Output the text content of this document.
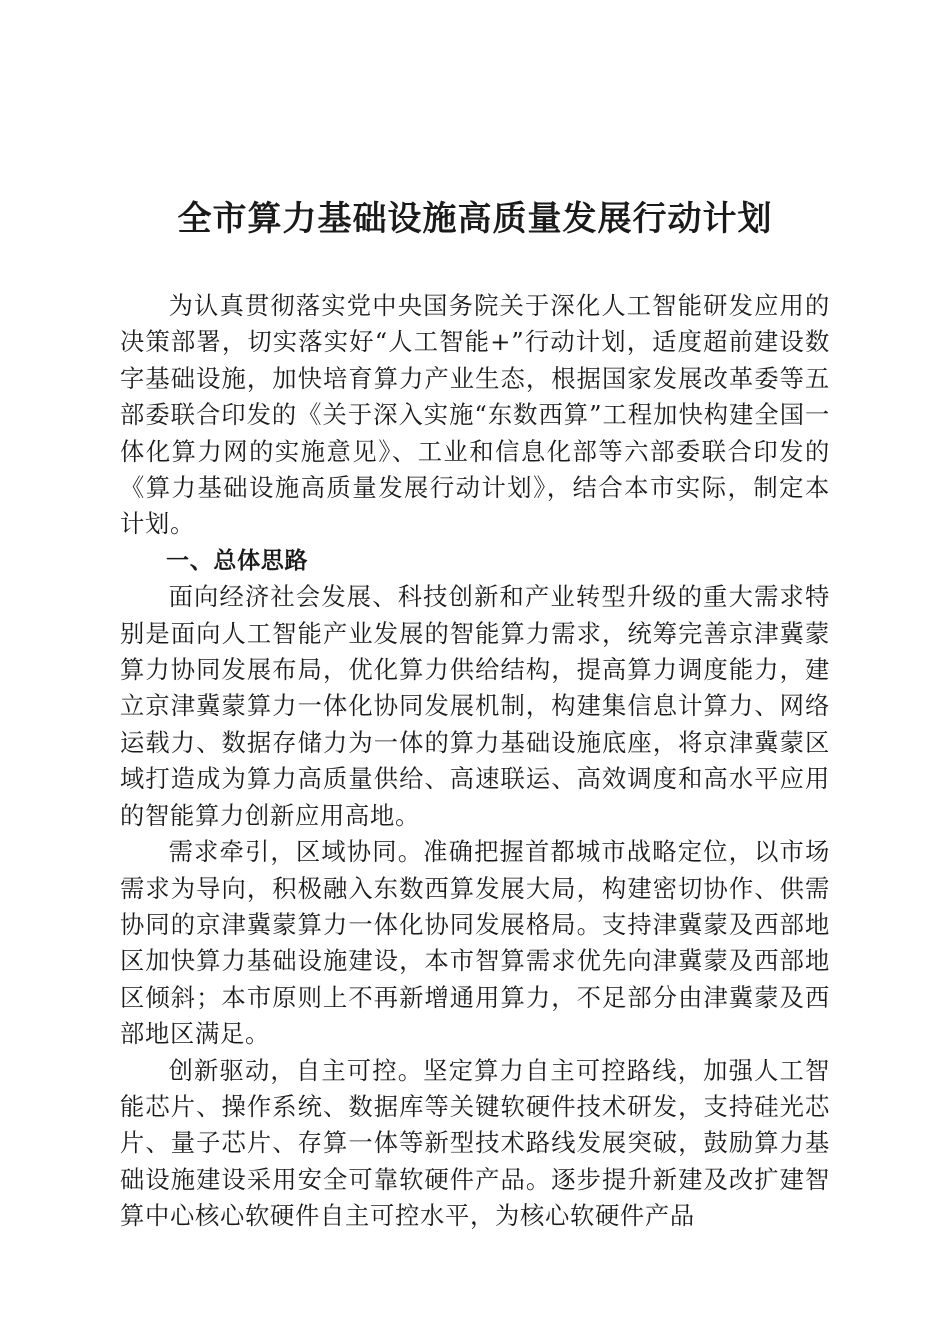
全市算力基础设施高质量发展行动计划

为认真贯彻落实党中央国务院关于深化人工智能研发应用的决策部署，切实落实好“人工智能+”行动计划，适度超前建设数字基础设施，加快培育算力产业生态，根据国家发展改革委等五部委联合印发的《关于深入实施“东数西算”工程加快构建全国一体化算力网的实施意见》、工业和信息化部等六部委联合印发的《算力基础设施高质量发展行动计划》，结合本市实际，制定本计划。

一、总体思路

面向经济社会发展、科技创新和产业转型升级的重大需求特别是面向人工智能产业发展的智能算力需求，统筹完善京津冀蒙算力协同发展布局，优化算力供给结构，提高算力调度能力，建立京津冀蒙算力一体化协同发展机制，构建集信息计算力、网络运载力、数据存储力为一体的算力基础设施底座，将京津冀蒙区域打造成为算力高质量供给、高速联运、高效调度和高水平应用的智能算力创新应用高地。

需求牵引，区域协同。准确把握首都城市战略定位，以市场需求为导向，积极融入东数西算发展大局，构建密切协作、供需协同的京津冀蒙算力一体化协同发展格局。支持津冀蒙及西部地区加快算力基础设施建设，本市智算需求优先向津冀蒙及西部地区倾斜；本市原则上不再新增通用算力，不足部分由津冀蒙及西部地区满足。

创新驱动，自主可控。坚定算力自主可控路线，加强人工智能芯片、操作系统、数据库等关键软硬件技术研发，支持硅光芯片、量子芯片、存算一体等新型技术路线发展突破，鼓励算力基础设施建设采用安全可靠软硬件产品。逐步提升新建及改扩建智算中心核心软硬件自主可控水平，为核心软硬件产品
